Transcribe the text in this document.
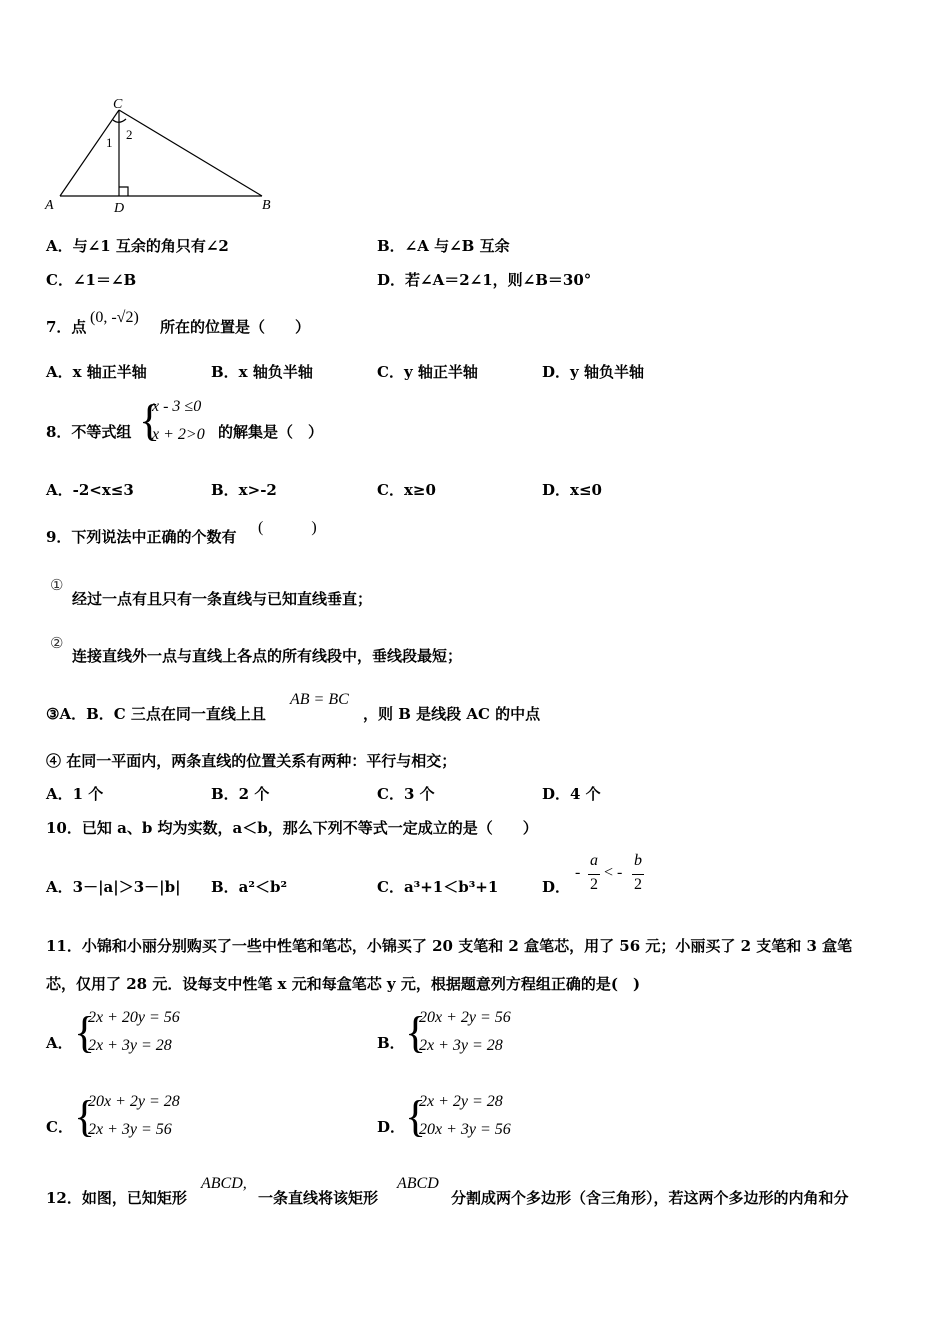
C
A	D	B
1
2
A．与∠1 互余的角只有∠2	B．∠A 与∠B 互余
C．∠1＝∠B	D．若∠A＝2∠1，则∠B＝30°
7．点
(0, -√2)
所在的位置是（　　）
A．x 轴正半轴	B．x 轴负半轴	C．y 轴正半轴	D．y 轴负半轴
8．不等式组 {
x - 3 ≤0
x + 2>0 的解集是（　）
A．-2<x≤3	B．x>-2	C．x≥0	D．x≤0
9．下列说法中正确的个数有
(　　　)
①
经过一点有且只有一条直线与已知直线垂直；
②
连接直线外一点与直线上各点的所有线段中，垂线段最短；
③A．B．C 三点在同一直线上且
AB = BC
，则 B 是线段 AC 的中点
④ 在同一平面内，两条直线的位置关系有两种：平行与相交；
A．1 个	B．2 个	C．3 个	D．4 个
10．已知 a、b 均为实数，a＜b，那么下列不等式一定成立的是（　　）
A．3－|a|＞3－|b| B．a²＜b²	C．a³+1＜b³+1	D．
-
a
2
< -
b
2
11．小锦和小丽分别购买了一些中性笔和笔芯，小锦买了 20 支笔和 2 盒笔芯，用了 56 元；小丽买了 2 支笔和 3 盒笔
芯，仅用了 28 元．设每支中性笔 x 元和每盒笔芯 y 元，根据题意列方程组正确的是(　)
A． {
2x + 20y = 56
2x + 3y = 28	B． {
20x + 2y = 56
2x + 3y = 28
C． {
20x + 2y = 28
2x + 3y = 56	D． {
2x + 2y = 28
20x + 3y = 56
12．如图，已知矩形
ABCD,
一条直线将该矩形
ABCD
分割成两个多边形（含三角形），若这两个多边形的内角和分
